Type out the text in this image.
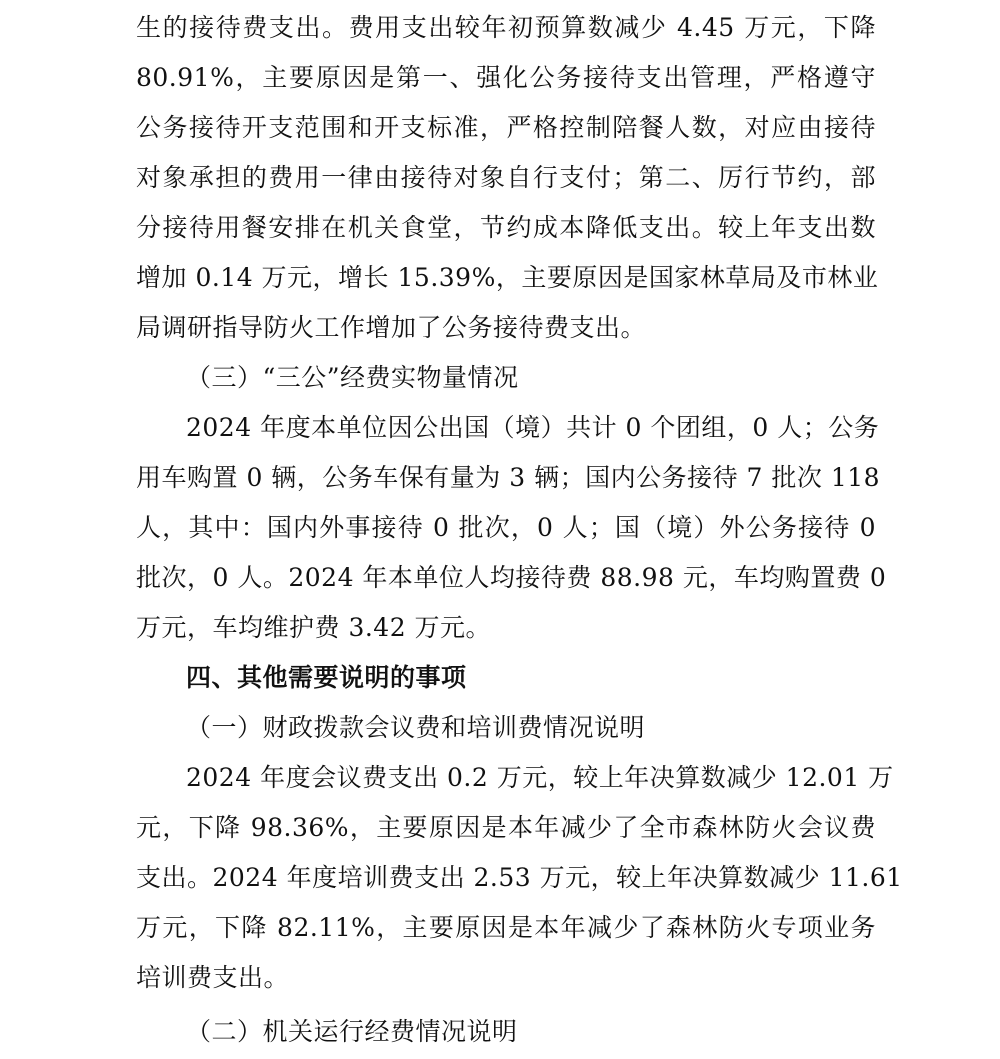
生的接待费支出。费用支出较年初预算数减少 4.45 万元，下降
80.91%，主要原因是第一、强化公务接待支出管理，严格遵守
公务接待开支范围和开支标准，严格控制陪餐人数，对应由接待
对象承担的费用一律由接待对象自行支付；第二、厉行节约，部
分接待用餐安排在机关食堂，节约成本降低支出。较上年支出数
增加 0.14 万元，增长 15.39%，主要原因是国家林草局及市林业
局调研指导防火工作增加了公务接待费支出。
（三）“三公”经费实物量情况
2024 年度本单位因公出国（境）共计 0 个团组，0 人；公务
用车购置 0 辆，公务车保有量为 3 辆；国内公务接待 7 批次 118
人，其中：国内外事接待 0 批次，0 人；国（境）外公务接待 0
批次，0 人。2024 年本单位人均接待费 88.98 元，车均购置费 0
万元，车均维护费 3.42 万元。
四、其他需要说明的事项
（一）财政拨款会议费和培训费情况说明
2024 年度会议费支出 0.2 万元，较上年决算数减少 12.01 万
元，下降 98.36%，主要原因是本年减少了全市森林防火会议费
支出。2024 年度培训费支出 2.53 万元，较上年决算数减少 11.61
万元，下降 82.11%，主要原因是本年减少了森林防火专项业务
培训费支出。
（二）机关运行经费情况说明
